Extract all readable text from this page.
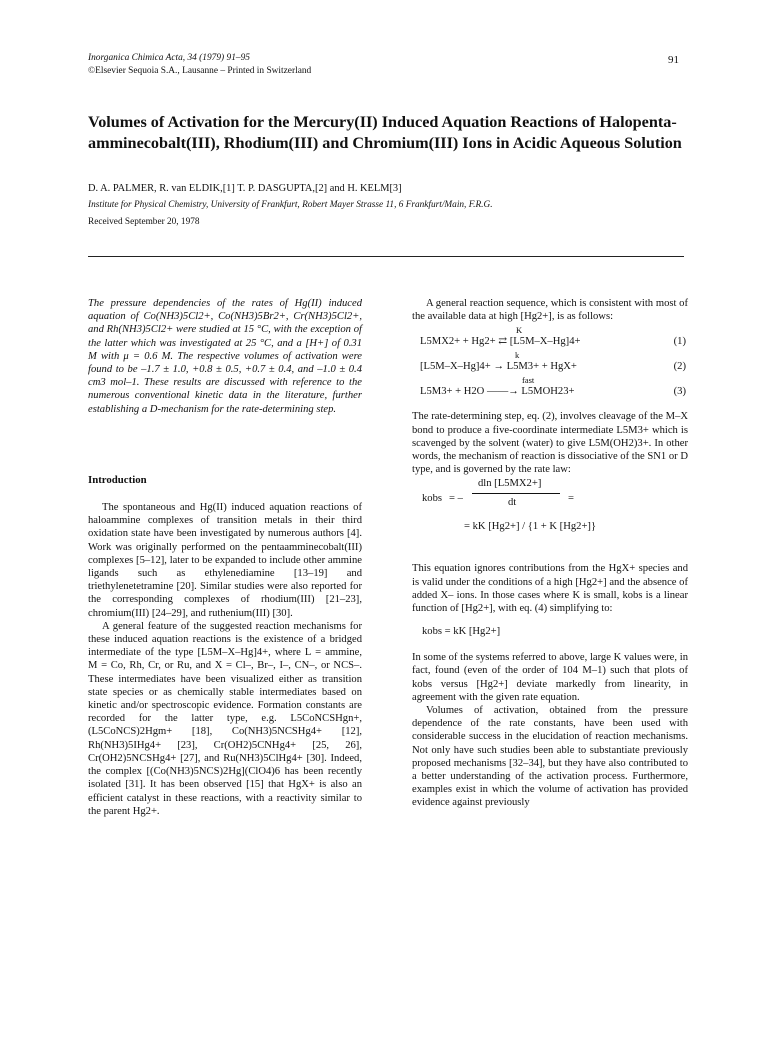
Inorganica Chimica Acta, 34 (1979) 91–95
©Elsevier Sequoia S.A., Lausanne – Printed in Switzerland
91
Volumes of Activation for the Mercury(II) Induced Aquation Reactions of Halopenta-amminecobalt(III), Rhodium(III) and Chromium(III) Ions in Acidic Aqueous Solution
D. A. PALMER, R. van ELDIK,[1] T. P. DASGUPTA,[2] and H. KELM[3]
Institute for Physical Chemistry, University of Frankfurt, Robert Mayer Strasse 11, 6 Frankfurt/Main, F.R.G.
Received September 20, 1978

The pressure dependencies of the rates of Hg(II) induced aquation of Co(NH3)5Cl2+, Co(NH3)5Br2+, Cr(NH3)5Cl2+, and Rh(NH3)5Cl2+ were studied at 15 °C, with the exception of the latter which was investigated at 25 °C, and a [H+] of 0.31 M with μ = 0.6 M. The respective volumes of activation were found to be –1.7 ± 1.0, +0.8 ± 0.5, +0.7 ± 0.4, and –1.0 ± 0.4 cm3 mol–1. These results are discussed with reference to the numerous conventional kinetic data in the literature, further establishing a D-mechanism for the rate-determining step.

Introduction

The spontaneous and Hg(II) induced aquation reactions of haloammine complexes of transition metals in their third oxidation state have been investigated by numerous authors [4]. Work was originally performed on the pentaamminecobalt(III) complexes [5–12], later to be expanded to include other ammine ligands such as ethylenediamine [13–19] and triethylenetetramine [20]. Similar studies were also reported for the corresponding complexes of rhodium(III) [21–23], chromium(III) [24–29], and ruthenium(III) [30].

A general feature of the suggested reaction mechanisms for these induced aquation reactions is the existence of a bridged intermediate of the type [L5M–X–Hg]4+, where L = ammine, M = Co, Rh, Cr, or Ru, and X = Cl–, Br–, I–, CN–, or NCS–. These intermediates have been visualized either as transition state species or as chemically stable intermediates based on kinetic and/or spectroscopic evidence. Formation constants are recorded for the latter type, e.g. L5CoNCSHgn+, (L5CoNCS)2Hgm+ [18], Co(NH3)5NCSHg4+ [12], Rh(NH3)5IHg4+ [23], Cr(OH2)5CNHg4+ [25, 26], Cr(OH2)5NCSHg4+ [27], and Ru(NH3)5ClHg4+ [30]. Indeed, the complex [(Co(NH3)5NCS)2Hg](ClO4)6 has been recently isolated [31]. It has been observed [15] that HgX+ is also an efficient catalyst in these reactions, with a reactivity similar to the parent Hg2+.

A general reaction sequence, which is consistent with most of the available data at high [Hg2+], is as follows:

K
L5MX2+ + Hg2+ ⇄ [L5M–X–Hg]4+	(1)
k
[L5M–X–Hg]4+ → L5M3+ + HgX+	(2)
fast
L5M3+ + H2O ——→ L5MOH23+	(3)

The rate-determining step, eq. (2), involves cleavage of the M–X bond to produce a five-coordinate intermediate L5M3+ which is scavenged by the solvent (water) to give L5M(OH2)3+. In other words, the mechanism of reaction is dissociative of the SN1 or D type, and is governed by the rate law:

kobs = –
dln [L5MX2+]
dt	=
= kK [Hg2+] / {1 + K [Hg2+]}

This equation ignores contributions from the HgX+ species and is valid under the conditions of a high [Hg2+] and the absence of added X– ions. In those cases where K is small, kobs is a linear function of [Hg2+], with eq. (4) simplifying to:

kobs = kK [Hg2+]

In some of the systems referred to above, large K values were, in fact, found (even of the order of 104 M–1) such that plots of kobs versus [Hg2+] deviate markedly from linearity, in agreement with the given rate equation.

Volumes of activation, obtained from the pressure dependence of the rate constants, have been used with considerable success in the elucidation of reaction mechanisms. Not only have such studies been able to substantiate previously proposed mechanisms [32–34], but they have also contributed to a better understanding of the activation process. Furthermore, examples exist in which the volume of activation has provided evidence against previously
